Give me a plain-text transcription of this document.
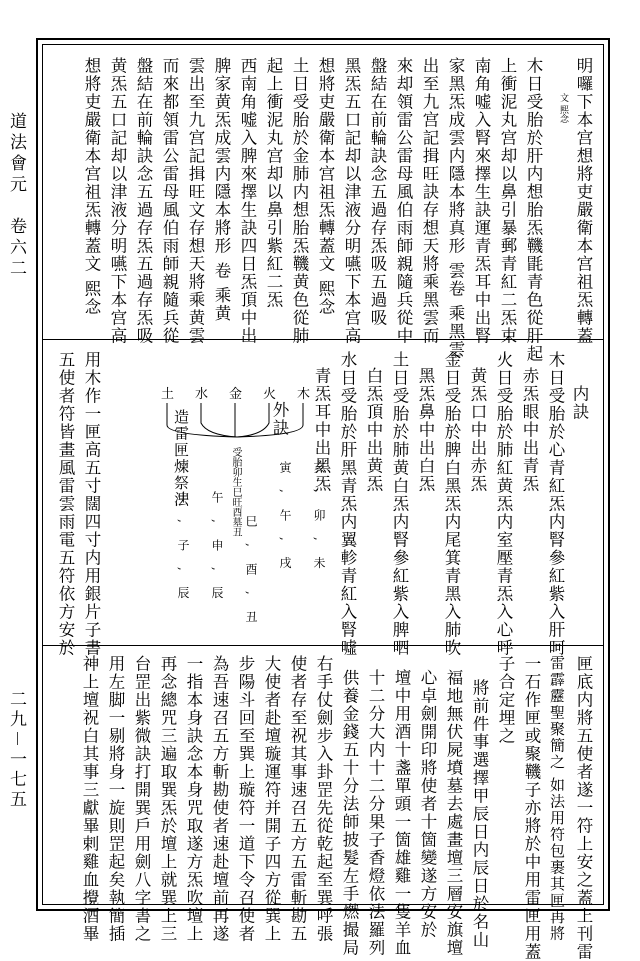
道法會元　卷六二
二九－一七五
明囉下本宫想將吏嚴衛本宫祖炁轉蓋
文 熙念
木日受胎於肝内想胎炁鞿毷青色從肝起
上衝泥丸宫却以鼻引暴郵青紅二炁束
南角嘘入腎來擇生訣運青炁耳中出腎
家黑炁成雲内隱本將真形 雲卷 乘黑雲
出至九宫記揖旺訣存想天將乘黑雲而
來却領雷公雷母風伯雨師親隨兵從中
盤結在前輪訣念五過存炁吸五過吸
黑炁五口記却以津液分明嚥下本宫高
想將吏嚴衛本宫祖炁轉蓋文 熙念
土日受胎於金肺内想胎炁鞿黄色從肺
起上衝泥丸宫却以鼻引紫紅二炁
西南角嘘入脾來擇生訣四日炁頂中出
脾家黄炁成雲内隱本將形 卷 乘黄
雲出至九宫記揖旺文存想天將乘黄雲
而來都領雷公雷母風伯雨師親隨兵從
盤結在前輪訣念五過存炁五過存炁吸
黄炁五口記却以津液分明嚥下本宫高
想將吏嚴衛本宫祖炁轉蓋文 熙念
内訣
木日受胎於心青紅炁内腎參紅紫入肝呵
赤炁眼中出青炁
火日受胎於肺紅黄炁内室壓青炁入心呼
黄炁口中出赤炁
金日受胎於脾白黑炁内尾箕青黑入肺吹
黑炁鼻中出白炁
土日受胎於肺黄白炁内腎參紅紫入脾呬
白炁頂中出黄炁
水日受胎於肝黑青炁内翼軫青紅入腎噓
青炁耳中出黑炁
外訣
木
火
金
水
土
受胎卯生巳旺酉墓丑	亥,卯,未
寅,午,戌
巳,酉,丑
午,申,辰
申,子,辰
造雷匣煉祭法
用木作一匣高五寸闊四寸内用銀片子書
五使者符皆畫風雷雲雨電五符依方安於
匣底内將五使者遂一符上安之蓋上刊雷
雷霹靂聖聚簡之 如法用符包裹其匣再將
一石作匣或聚鞿子亦將於中用雷匣用蓋
子合定埋之
將前件事選擇甲辰日内辰日於名山
福地無伏屍墳墓去處畫壇三層安旗壇
心卓劍開印將使者十箇變遂方安於
壇中用酒十盞單頭一箇雄雞一隻羊血
十二分大内十二分果子香燈依法羅列
供養金錢五十分法師披髮左手燃撮局
右手仗劍步入卦罡先從乾起至巽呼張
使者存至祝其事速召五方五雷斬勘五
大使者赴壇璇運符并開子四方從巽上
步陽斗回至巽上璇符一道下令召使者
為吾速召五方斬勘使者速赴壇前再遂
一指本身訣念本身咒取遂方炁吹壇上
再念總咒三遍取巽炁於壇上就巽上三
台罡出紫微訣打開巽戶用劍八字書之
用左脚一剔將身一旋則罡起矣執簡插
神上壇祝白其事三獻畢剌雞血攪酒畢
